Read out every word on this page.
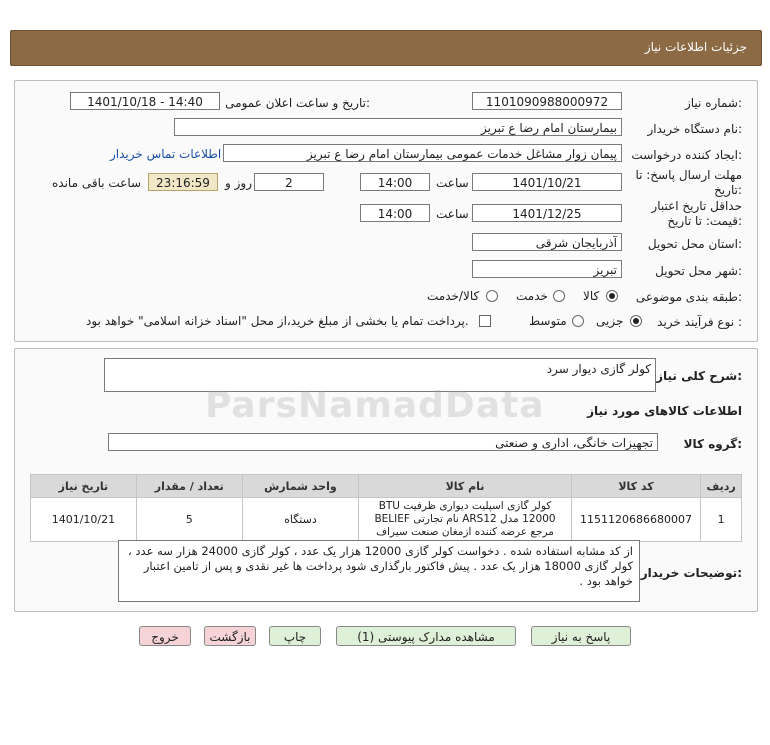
جزئیات اطلاعات نیاز
شماره نیاز:
1101090988000972
تاریخ و ساعت اعلان عمومی:
1401/10/18 - 14:40
نام دستگاه خریدار:
بیمارستان امام رضا ع تبریز
ایجاد کننده درخواست:
پیمان زوار مشاغل خدمات عمومی بیمارستان امام رضا ع تبریز
اطلاعات تماس خریدار
مهلت ارسال پاسخ: تا تاریخ:
1401/10/21
ساعت
14:00
2
روز و
23:16:59
ساعت باقی مانده
حداقل تاریخ اعتبار قیمت: تا تاریخ:
1401/12/25
ساعت
14:00
استان محل تحویل:
آذربایجان شرقی
شهر محل تحویل:
تبریز
طبقه بندی موضوعی:
کالا
خدمت
کالا/خدمت
نوع فرآیند خرید :
جزیی
متوسط
پرداخت تمام یا بخشی از مبلغ خرید،از محل "اسناد خزانه اسلامی" خواهد بود.
شرح کلی نیاز:
کولر گازی دیوار سرد
اطلاعات کالاهای مورد نیاز
گروه کالا:
تجهیزات خانگی، اداری و صنعتی
ردیف	کد کالا	نام کالا	واحد شمارش	تعداد / مقدار	تاریخ نیاز
1	1151120686680007	کولر گازی اسپلیت دیواری ظرفیت BTU 12000 مدل ARS12 نام تجارتی BELIEF مرجع عرضه کننده ازمغان صنعت سیراف	دستگاه	5	1401/10/21
توضیحات خریدار:
از کد مشابه استفاده شده . دخواست کولر گازی 12000 هزار یک عدد ، کولر گازی 24000 هزار سه عدد ، کولر گازی 18000 هزار یک عدد . پیش فاکتور بارگذاری شود پرداخت ها غیر نقدی و پس از تامین اعتبار خواهد بود .
ParsNamadData
پاسخ به نیاز
مشاهده مدارک پیوستی (1)
چاپ
بازگشت
خروج
